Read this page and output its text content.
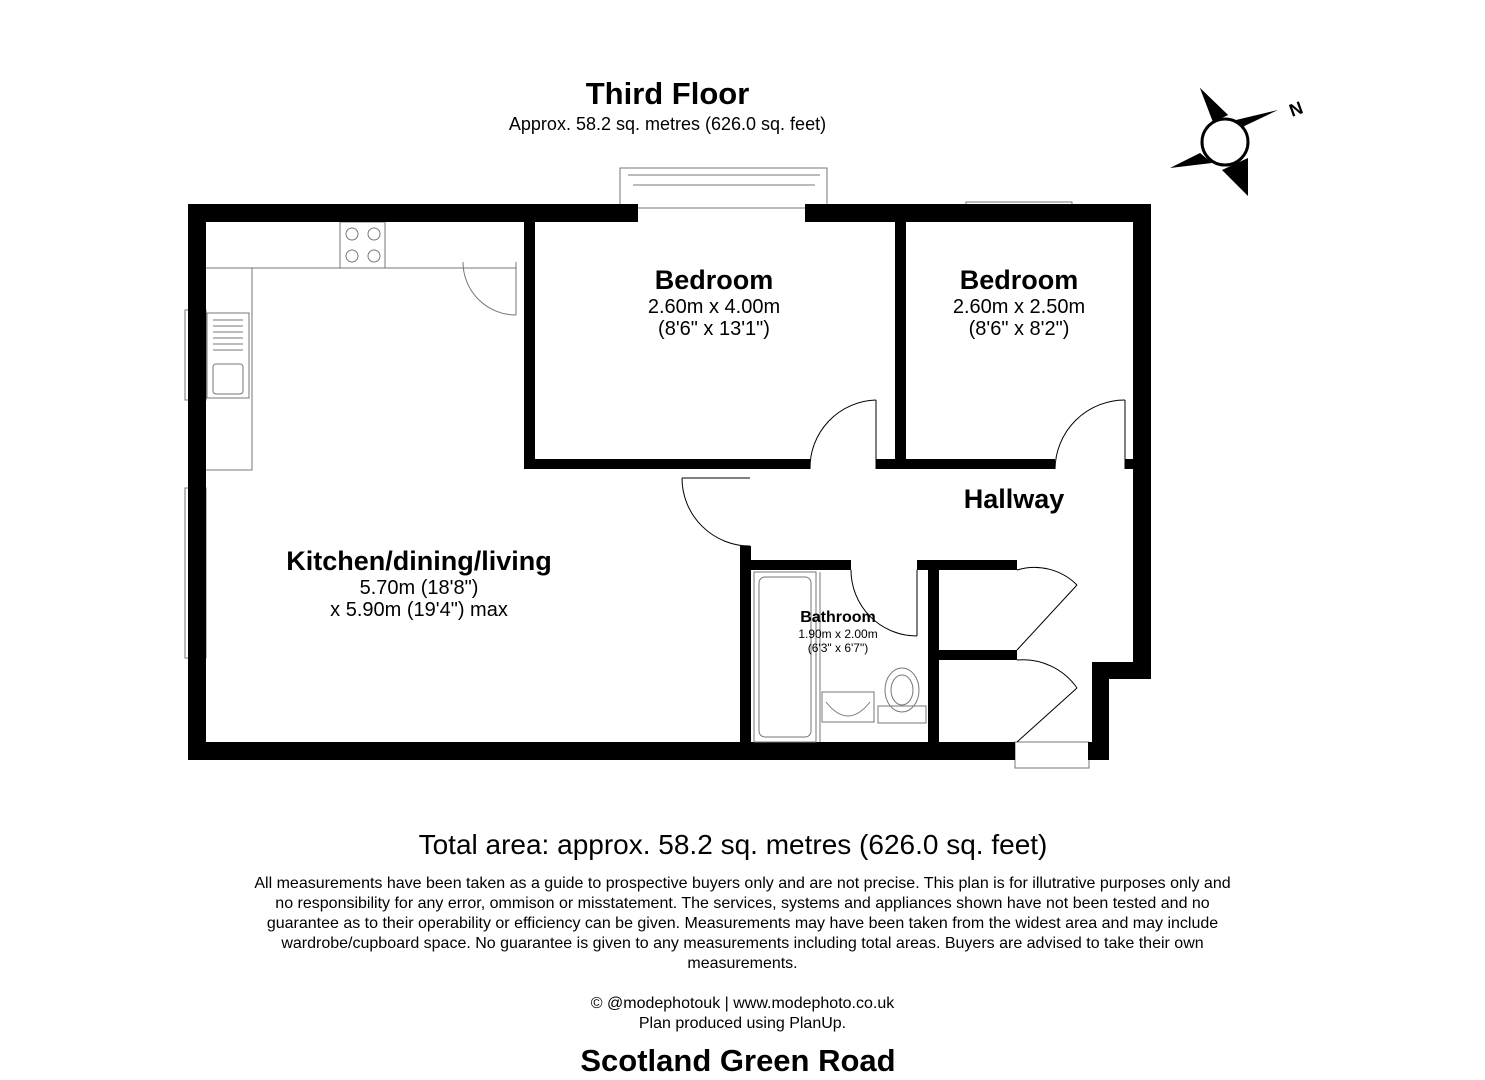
Third Floor
Approx. 58.2 sq. metres (626.0 sq. feet)
N
Bedroom
2.60m x 4.00m
(8'6" x 13'1")
Bedroom
2.60m x 2.50m
(8'6" x 8'2")
Hallway
Kitchen/dining/living
5.70m (18'8")
x 5.90m (19'4") max	Bathroom
1.90m x 2.00m
(6'3" x 6'7")
Total area: approx. 58.2 sq. metres (626.0 sq. feet)
All measurements have been taken as a guide to prospective buyers only and are not precise. This plan is for illutrative purposes only and no responsibility for any error, ommison or misstatement. The services, systems and appliances shown have not been tested and no guarantee as to their operability or efficiency can be given. Measurements may have been taken from the widest area and may include wardrobe/cupboard space. No guarantee is given to any measurements including total areas. Buyers are advised to take their own measurements.
© @modephotouk | www.modephoto.co.uk
Plan produced using PlanUp.
Scotland Green Road
